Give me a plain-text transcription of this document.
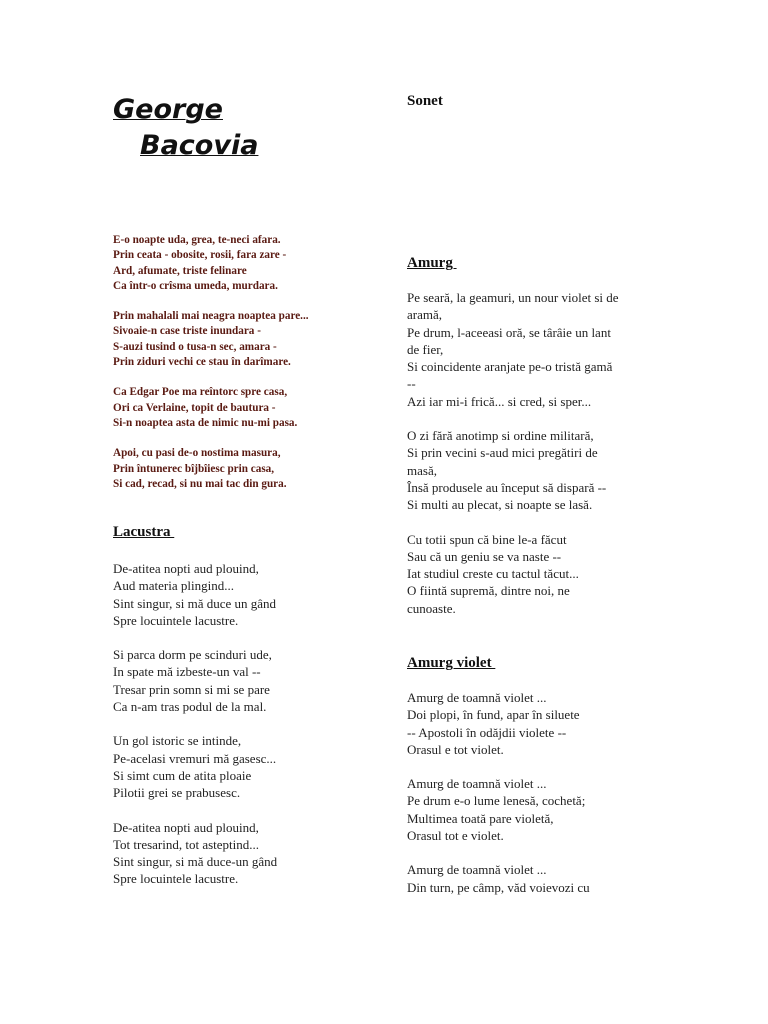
George
Bacovia
Sonet
E-o noapte uda, grea, te-neci afara.
Prin ceata - obosite, rosii, fara zare -
Ard, afumate, triste felinare
Ca într-o crîsma umeda, murdara.
Prin mahalali mai neagra noaptea pare...
Sivoaie-n case triste inundara -
S-auzi tusind o tusa-n sec, amara -
Prin ziduri vechi ce stau în darîmare.
Ca Edgar Poe ma reîntorc spre casa,
Ori ca Verlaine, topit de bautura -
Si-n noaptea asta de nimic nu-mi pasa.
Apoi, cu pasi de-o nostima masura,
Prin întunerec bîjbîiesc prin casa,
Si cad, recad, si nu mai tac din gura.
Lacustra
De-atitea nopti aud plouind,
Aud materia plingind...
Sint singur, si mă duce un gând
Spre locuintele lacustre.
Si parca dorm pe scinduri ude,
In spate mă izbeste-un val --
Tresar prin somn si mi se pare
Ca n-am tras podul de la mal.
Un gol istoric se intinde,
Pe-acelasi vremuri mă gasesc...
Si simt cum de atita ploaie
Pilotii grei se prabusesc.
De-atitea nopti aud plouind,
Tot tresarind, tot asteptind...
Sint singur, si mă duce-un gând
Spre locuintele lacustre.
Amurg
Pe seară, la geamuri, un nour violet si de
aramă,
Pe drum, l-aceeasi oră, se târâie un lant
de fier,
Si coincidente aranjate pe-o tristă gamă
--
Azi iar mi-i frică... si cred, si sper...
O zi fără anotimp si ordine militară,
Si prin vecini s-aud mici pregătiri de
masă,
Însă produsele au început să dispară --
Si multi au plecat, si noapte se lasă.
Cu totii spun că bine le-a făcut
Sau că un geniu se va naste --
Iat studiul creste cu tactul tăcut...
O fiintă supremă, dintre noi, ne
cunoaste.
Amurg violet
Amurg de toamnă violet ...
Doi plopi, în fund, apar în siluete
-- Apostoli în odăjdii violete --
Orasul e tot violet.
Amurg de toamnă violet ...
Pe drum e-o lume lenesă, cochetă;
Multimea toată pare violetă,
Orasul tot e violet.
Amurg de toamnă violet ...
Din turn, pe câmp, văd voievozi cu
